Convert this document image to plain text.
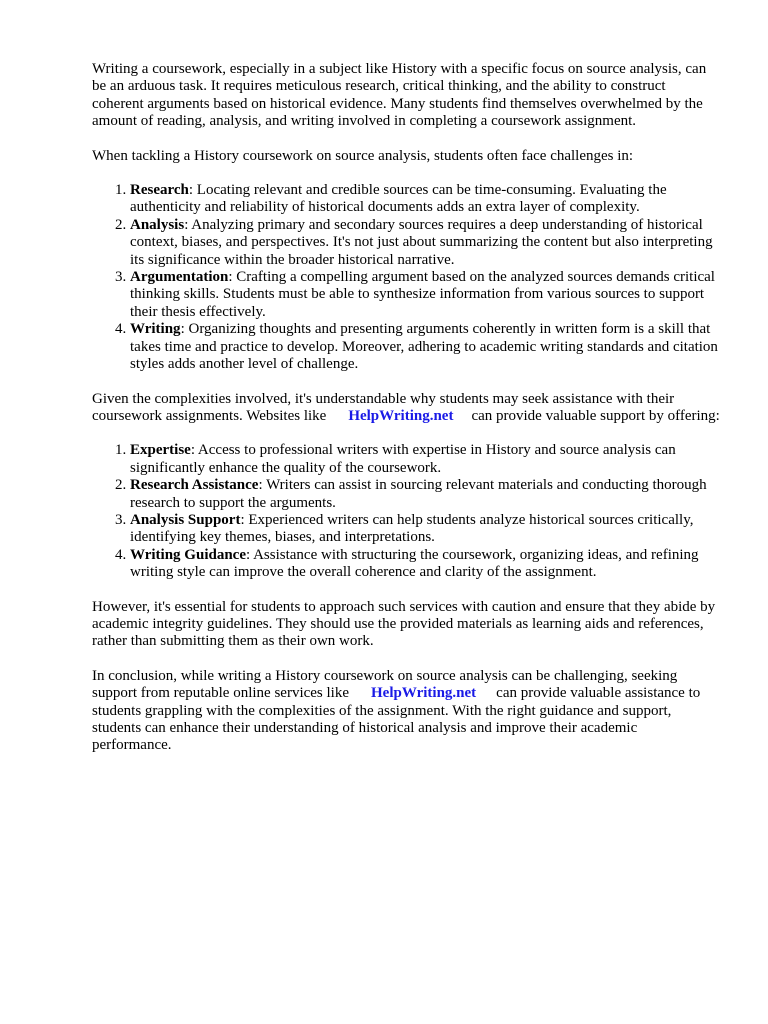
Writing a coursework, especially in a subject like History with a specific focus on source analysis, can be an arduous task. It requires meticulous research, critical thinking, and the ability to construct coherent arguments based on historical evidence. Many students find themselves overwhelmed by the amount of reading, analysis, and writing involved in completing a coursework assignment.

When tackling a History coursework on source analysis, students often face challenges in:

1. Research: Locating relevant and credible sources can be time-consuming. Evaluating the authenticity and reliability of historical documents adds an extra layer of complexity.
2. Analysis: Analyzing primary and secondary sources requires a deep understanding of historical context, biases, and perspectives. It's not just about summarizing the content but also interpreting its significance within the broader historical narrative.
3. Argumentation: Crafting a compelling argument based on the analyzed sources demands critical thinking skills. Students must be able to synthesize information from various sources to support their thesis effectively.
4. Writing: Organizing thoughts and presenting arguments coherently in written form is a skill that takes time and practice to develop. Moreover, adhering to academic writing standards and citation styles adds another level of challenge.

Given the complexities involved, it's understandable why students may seek assistance with their coursework assignments. Websites like HelpWriting.net can provide valuable support by offering:

1. Expertise: Access to professional writers with expertise in History and source analysis can significantly enhance the quality of the coursework.
2. Research Assistance: Writers can assist in sourcing relevant materials and conducting thorough research to support the arguments.
3. Analysis Support: Experienced writers can help students analyze historical sources critically, identifying key themes, biases, and interpretations.
4. Writing Guidance: Assistance with structuring the coursework, organizing ideas, and refining writing style can improve the overall coherence and clarity of the assignment.

However, it's essential for students to approach such services with caution and ensure that they abide by academic integrity guidelines. They should use the provided materials as learning aids and references, rather than submitting them as their own work.

In conclusion, while writing a History coursework on source analysis can be challenging, seeking support from reputable online services like HelpWriting.net can provide valuable assistance to students grappling with the complexities of the assignment. With the right guidance and support, students can enhance their understanding of historical analysis and improve their academic performance.
